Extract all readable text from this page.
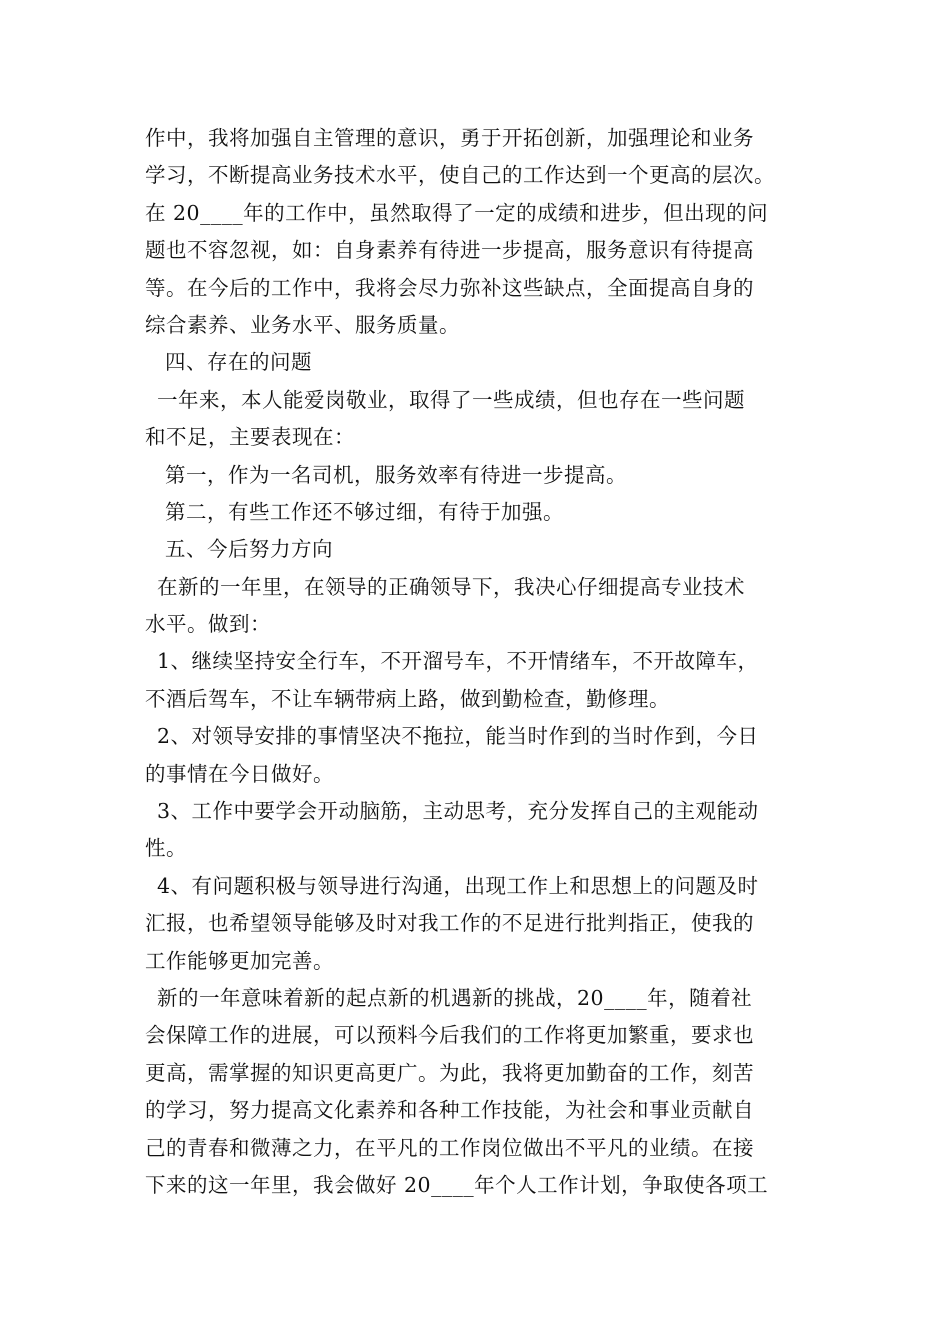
作中，我将加强自主管理的意识，勇于开拓创新，加强理论和业务
学习，不断提高业务技术水平，使自己的工作达到一个更高的层次。
在 20____年的工作中，虽然取得了一定的成绩和进步，但出现的问
题也不容忽视，如：自身素养有待进一步提高，服务意识有待提高
等。在今后的工作中，我将会尽力弥补这些缺点，全面提高自身的
综合素养、业务水平、服务质量。
四、存在的问题
一年来，本人能爱岗敬业，取得了一些成绩，但也存在一些问题
和不足，主要表现在：
第一，作为一名司机，服务效率有待进一步提高。
第二，有些工作还不够过细，有待于加强。
五、今后努力方向
在新的一年里，在领导的正确领导下，我决心仔细提高专业技术
水平。做到：
1、继续坚持安全行车，不开溜号车，不开情绪车，不开故障车，
不酒后驾车，不让车辆带病上路，做到勤检查，勤修理。
2、对领导安排的事情坚决不拖拉，能当时作到的当时作到，今日
的事情在今日做好。
3、工作中要学会开动脑筋，主动思考，充分发挥自己的主观能动
性。
4、有问题积极与领导进行沟通，出现工作上和思想上的问题及时
汇报，也希望领导能够及时对我工作的不足进行批判指正，使我的
工作能够更加完善。
新的一年意味着新的起点新的机遇新的挑战，20____年，随着社
会保障工作的进展，可以预料今后我们的工作将更加繁重，要求也
更高，需掌握的知识更高更广。为此，我将更加勤奋的工作，刻苦
的学习，努力提高文化素养和各种工作技能，为社会和事业贡献自
己的青春和微薄之力，在平凡的工作岗位做出不平凡的业绩。在接
下来的这一年里，我会做好 20____年个人工作计划，争取使各项工
